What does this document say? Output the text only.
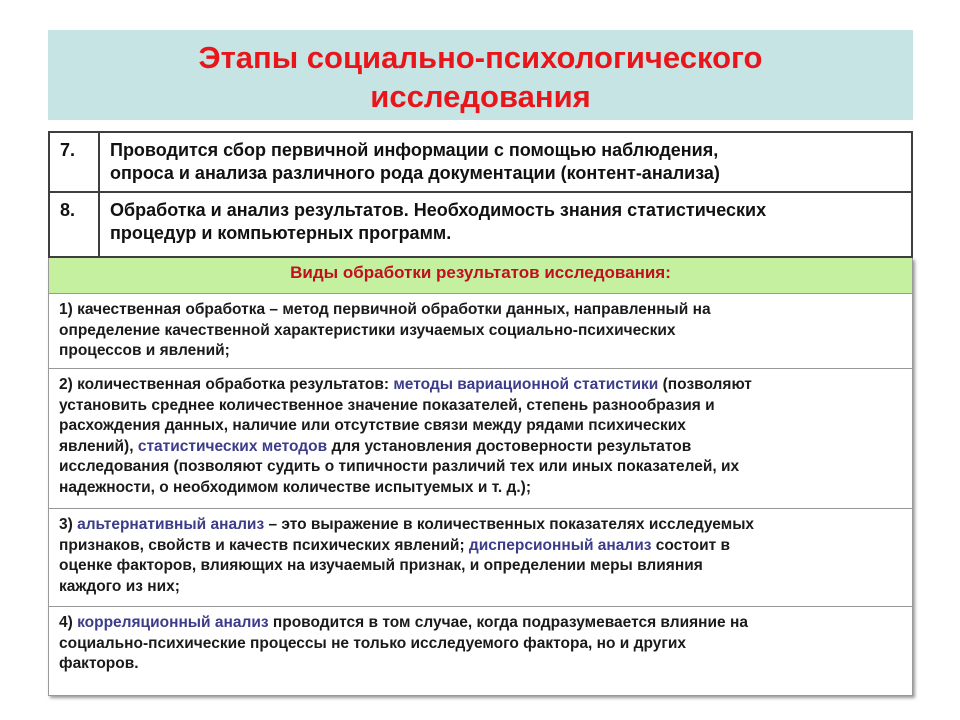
Этапы социально-психологического
исследования
7.	Проводится сбор первичной информации с помощью наблюдения,
опроса и анализа различного рода документации (контент-анализа)
8.	Обработка и анализ результатов. Необходимость знания статистических
процедур и компьютерных программ.
Виды обработки результатов исследования:
1) качественная обработка – метод первичной обработки данных, направленный на
определение качественной характеристики изучаемых социально-психических
процессов и явлений;
2) количественная обработка результатов: методы вариационной статистики (позволяют
установить среднее количественное значение показателей, степень разнообразия и
расхождения данных, наличие или отсутствие связи между рядами психических
явлений), статистических методов для установления достоверности результатов
исследования (позволяют судить о типичности различий тех или иных показателей, их
надежности, о необходимом количестве испытуемых и т. д.);
3) альтернативный анализ – это выражение в количественных показателях исследуемых
признаков, свойств и качеств психических явлений; дисперсионный анализ состоит в
оценке факторов, влияющих на изучаемый признак, и определении меры влияния
каждого из них;
4) корреляционный анализ проводится в том случае, когда подразумевается влияние на
социально-психические процессы не только исследуемого фактора, но и других
факторов.
